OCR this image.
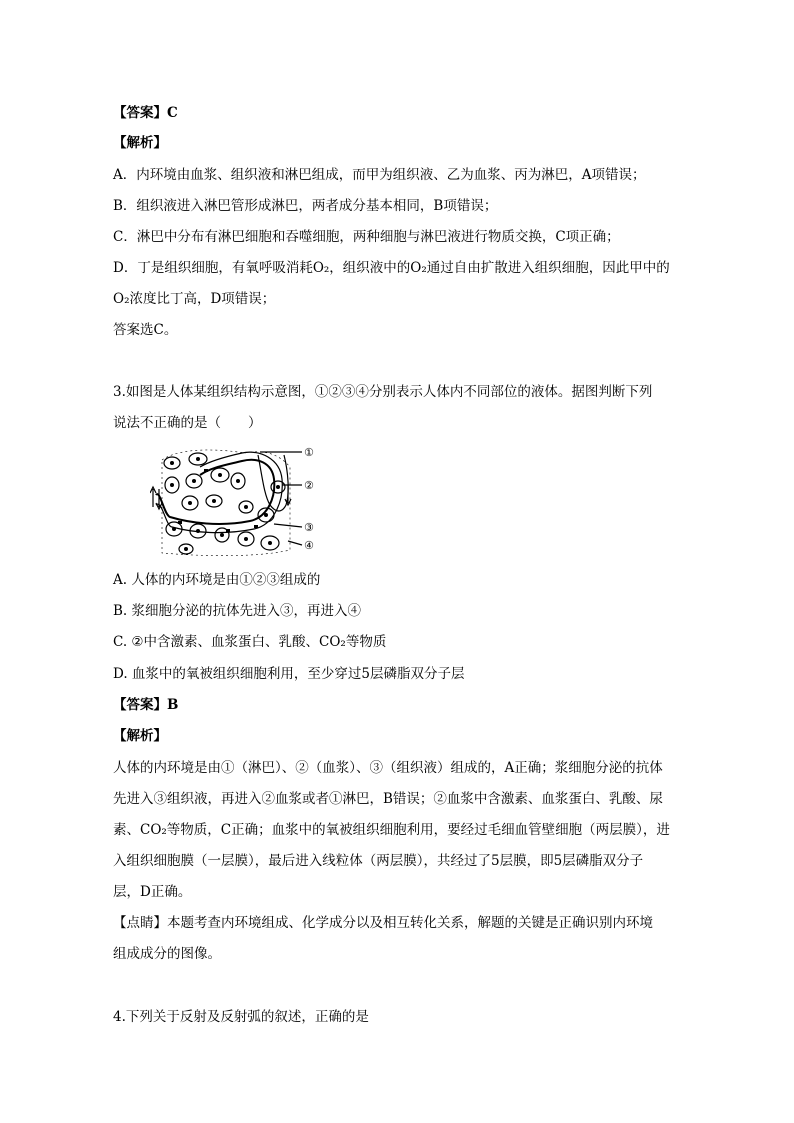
【答案】C
【解析】
A．内环境由血浆、组织液和淋巴组成，而甲为组织液、乙为血浆、丙为淋巴，A项错误；
B．组织液进入淋巴管形成淋巴，两者成分基本相同，B项错误；
C．淋巴中分布有淋巴细胞和吞噬细胞，两种细胞与淋巴液进行物质交换，C项正确；
D．丁是组织细胞，有氧呼吸消耗O₂，组织液中的O₂通过自由扩散进入组织细胞，因此甲中的
O₂浓度比丁高，D项错误；
答案选C。
3.如图是人体某组织结构示意图，①②③④分别表示人体内不同部位的液体。据图判断下列
说法不正确的是（　　）
①
②
③
④
A. 人体的内环境是由①②③组成的
B. 浆细胞分泌的抗体先进入③，再进入④
C. ②中含激素、血浆蛋白、乳酸、CO₂等物质
D. 血浆中的氧被组织细胞利用，至少穿过5层磷脂双分子层
【答案】B
【解析】
人体的内环境是由①（淋巴）、②（血浆）、③（组织液）组成的，A正确；浆细胞分泌的抗体
先进入③组织液，再进入②血浆或者①淋巴，B错误；②血浆中含激素、血浆蛋白、乳酸、尿
素、CO₂等物质，C正确；血浆中的氧被组织细胞利用，要经过毛细血管壁细胞（两层膜），进
入组织细胞膜（一层膜），最后进入线粒体（两层膜），共经过了5层膜，即5层磷脂双分子
层，D正确。
【点睛】本题考查内环境组成、化学成分以及相互转化关系，解题的关键是正确识别内环境
组成成分的图像。
4.下列关于反射及反射弧的叙述，正确的是
